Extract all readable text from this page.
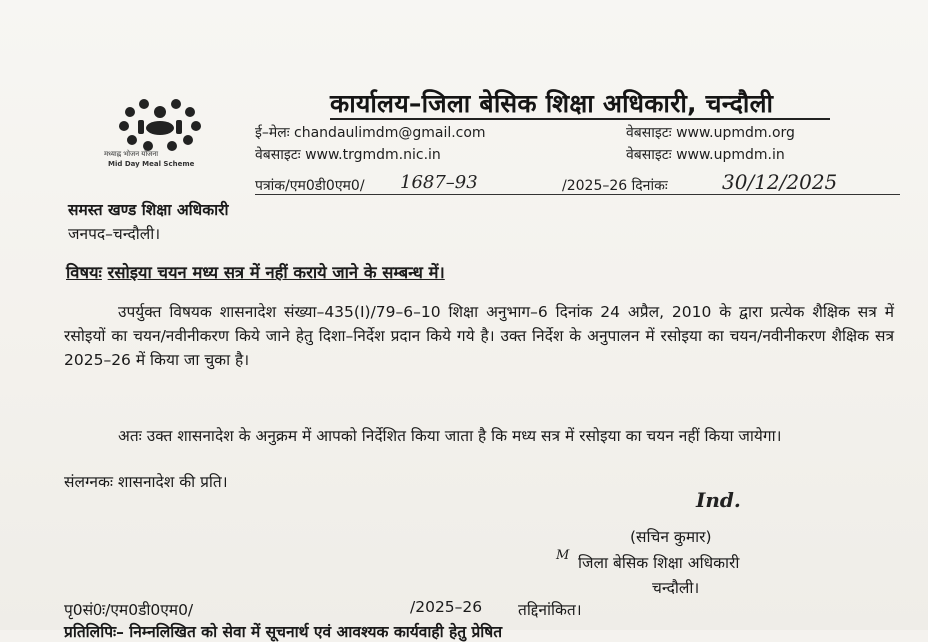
मध्याह्न भोजन योजना
Mid Day Meal Scheme
कार्यालय–जिला बेसिक शिक्षा अधिकारी, चन्दौली
ई–मेलः chandaulimdm@gmail.com
वेबसाइटः www.trgmdm.nic.in
वेबसाइटः www.upmdm.org
वेबसाइटः www.upmdm.in
पत्रांक/एम0डी0एम0/ 1687–93	/2025–26 दिनांकः	30/12/2025
समस्त खण्ड शिक्षा अधिकारी
जनपद–चन्दौली।
विषयः रसोइया चयन मध्य सत्र में नहीं कराये जाने के सम्बन्ध में।
उपर्युक्त विषयक शासनादेश संख्या–435(I)/79–6–10 शिक्षा अनुभाग–6 दिनांक 24 अप्रैल, 2010 के द्वारा प्रत्येक शैक्षिक सत्र में रसोइयों का चयन/नवीनीकरण किये जाने हेतु दिशा–निर्देश प्रदान किये गये है। उक्त निर्देश के अनुपालन में रसोइया का चयन/नवीनीकरण शैक्षिक सत्र 2025–26 में किया जा चुका है।
अतः उक्त शासनादेश के अनुक्रम में आपको निर्देशित किया जाता है कि मध्य सत्र में रसोइया का चयन नहीं किया जायेगा।
संलग्नकः शासनादेश की प्रति।
Ind.
(सचिन कुमार)
जिला बेसिक शिक्षा अधिकारी
चन्दौली।
M
पृ0सं0ः/एम0डी0एम0/	/2025–26 तद्दिनांकित।
प्रतिलिपिः– निम्नलिखित को सेवा में सूचनार्थ एवं आवश्यक कार्यवाही हेतु प्रेषित
